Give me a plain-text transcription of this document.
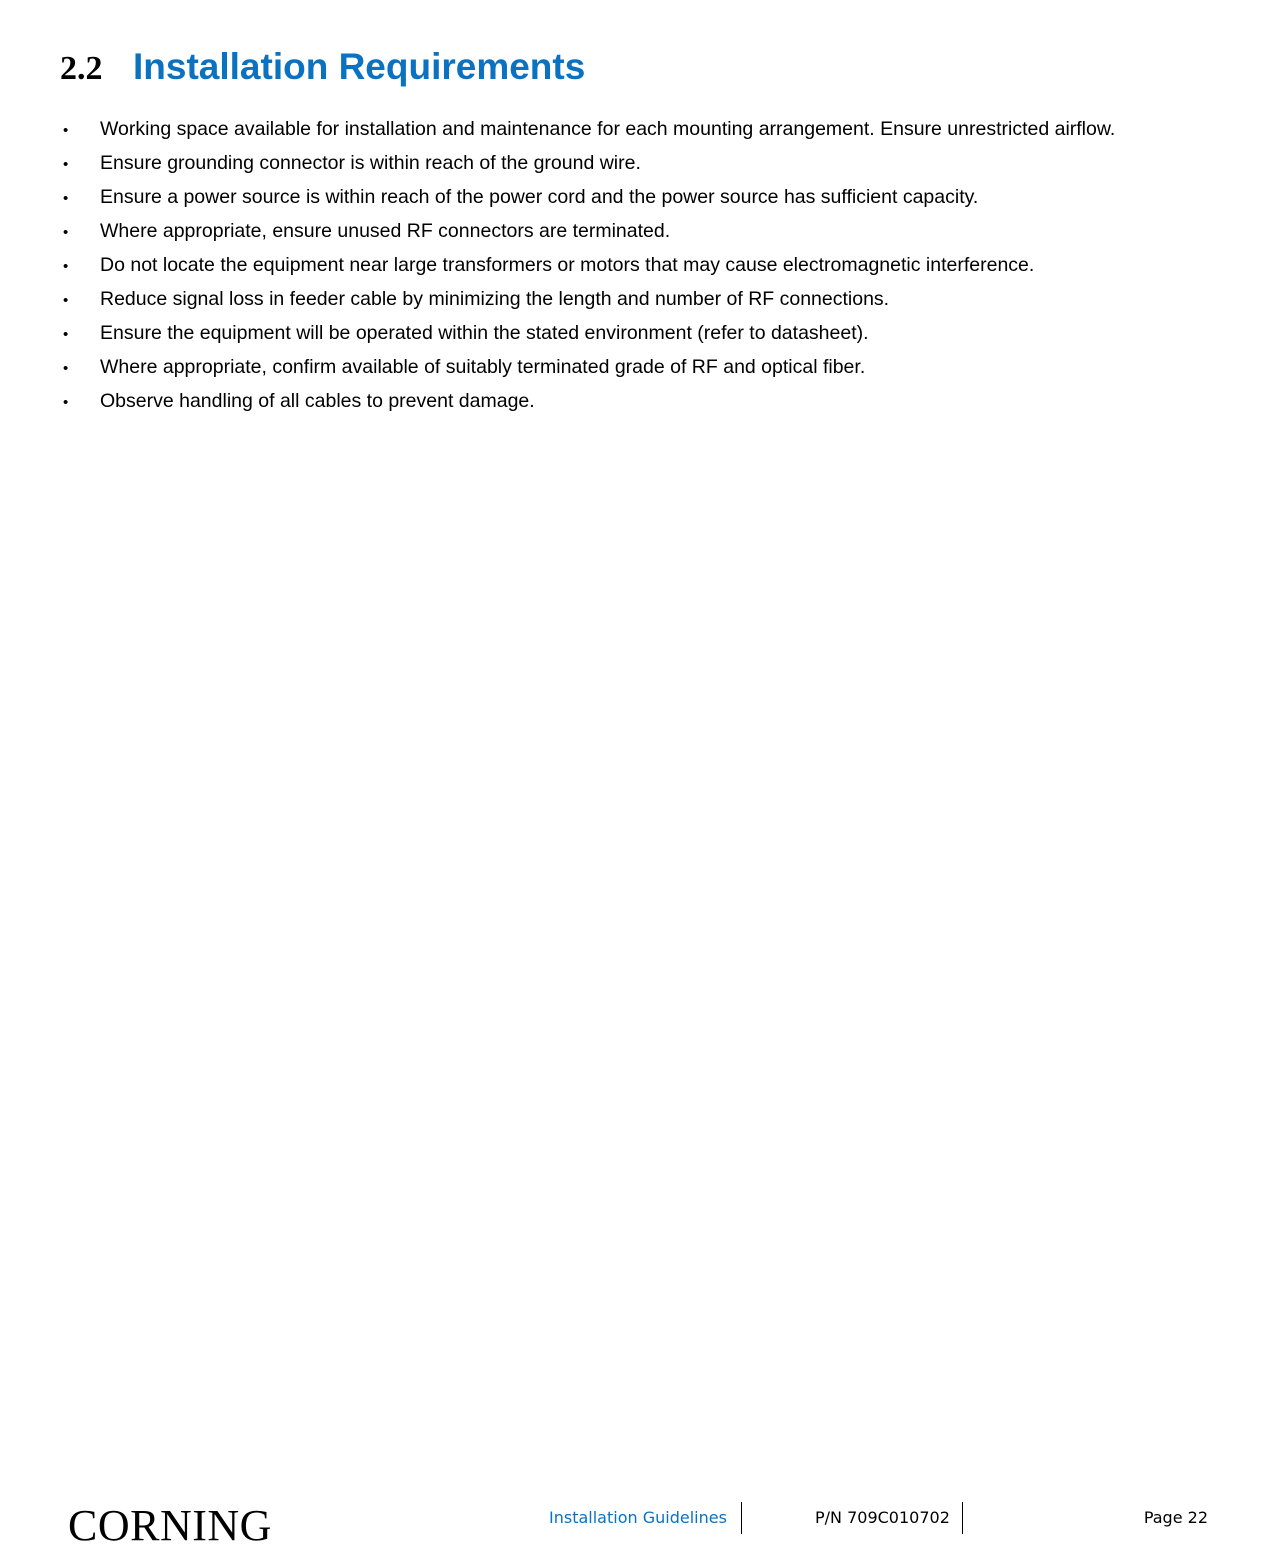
2.2 Installation Requirements
•	Working space available for installation and maintenance for each mounting arrangement. Ensure unrestricted airflow.
•	Ensure grounding connector is within reach of the ground wire.
•	Ensure a power source is within reach of the power cord and the power source has sufficient capacity.
•	Where appropriate, ensure unused RF connectors are terminated.
•	Do not locate the equipment near large transformers or motors that may cause electromagnetic interference.
•	Reduce signal loss in feeder cable by minimizing the length and number of RF connections.
•	Ensure the equipment will be operated within the stated environment (refer to datasheet).
•	Where appropriate, confirm available of suitably terminated grade of RF and optical fiber.
•	Observe handling of all cables to prevent damage.
CORNING	Installation Guidelines	P/N 709C010702	Page 22
